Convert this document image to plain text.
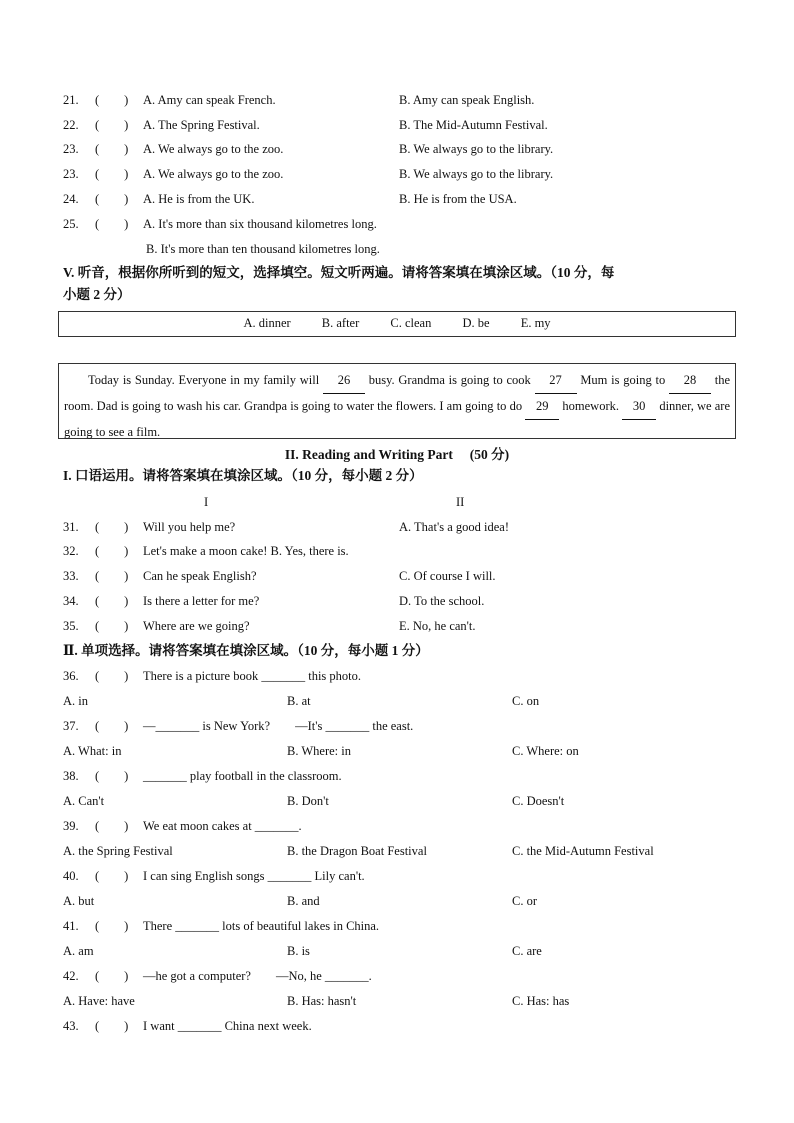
21. (　　) A. Amy can speak French.	B. Amy can speak English.
22. (　　) A. The Spring Festival.	B. The Mid-Autumn Festival.
23. (　　) A. We always go to the zoo.	B. We always go to the library.
23. (　　) A. We always go to the zoo.	B. We always go to the library.
24. (　　) A. He is from the UK.	B. He is from the USA.
25. (　　) A. It's more than six thousand kilometres long.
B. It's more than ten thousand kilometres long.
V. 听音，根据你所听到的短文，选择填空。短文听两遍。请将答案填在填涂区域。（10 分，每
小题 2 分）
A. dinner B. after C. clean D. be E. my
Today is Sunday. Everyone in my family will 26 busy. Grandma is going to cook 27 Mum is going to 28 the room. Dad is going to wash his car. Grandpa is going to water the flowers. I am going to do 29 homework. 30 dinner, we are going to see a film.
II. Reading and Writing Part 　(50 分)
I. 口语运用。请将答案填在填涂区域。（10 分，每小题 2 分）
I	II
31. (　　) Will you help me?	A. That's a good idea!
32. (　　) Let's make a moon cake! B. Yes, there is.
33. (　　) Can he speak English?	C. Of course I will.
34. (　　) Is there a letter for me?	D. To the school.
35. (　　) Where are we going?	E. No, he can't.
Ⅱ. 单项选择。请将答案填在填涂区域。（10 分，每小题 1 分）
36. (　　) There is a picture book _______ this photo.
A. in	B. at	C. on
37. (　　) —_______ is New York?　　—It's _______ the east.
A. What: in	B. Where: in	C. Where: on
38. (　　) _______ play football in the classroom.
A. Can't	B. Don't	C. Doesn't
39. (　　) We eat moon cakes at _______.
A. the Spring Festival	B. the Dragon Boat Festival	C. the Mid-Autumn Festival
40. (　　) I can sing English songs _______ Lily can't.
A. but	B. and	C. or
41. (　　) There _______ lots of beautiful lakes in China.
A. am	B. is	C. are
42. (　　) —he got a computer?　　—No, he _______.
A. Have: have	B. Has: hasn't	C. Has: has
43. (　　) I want _______ China next week.
